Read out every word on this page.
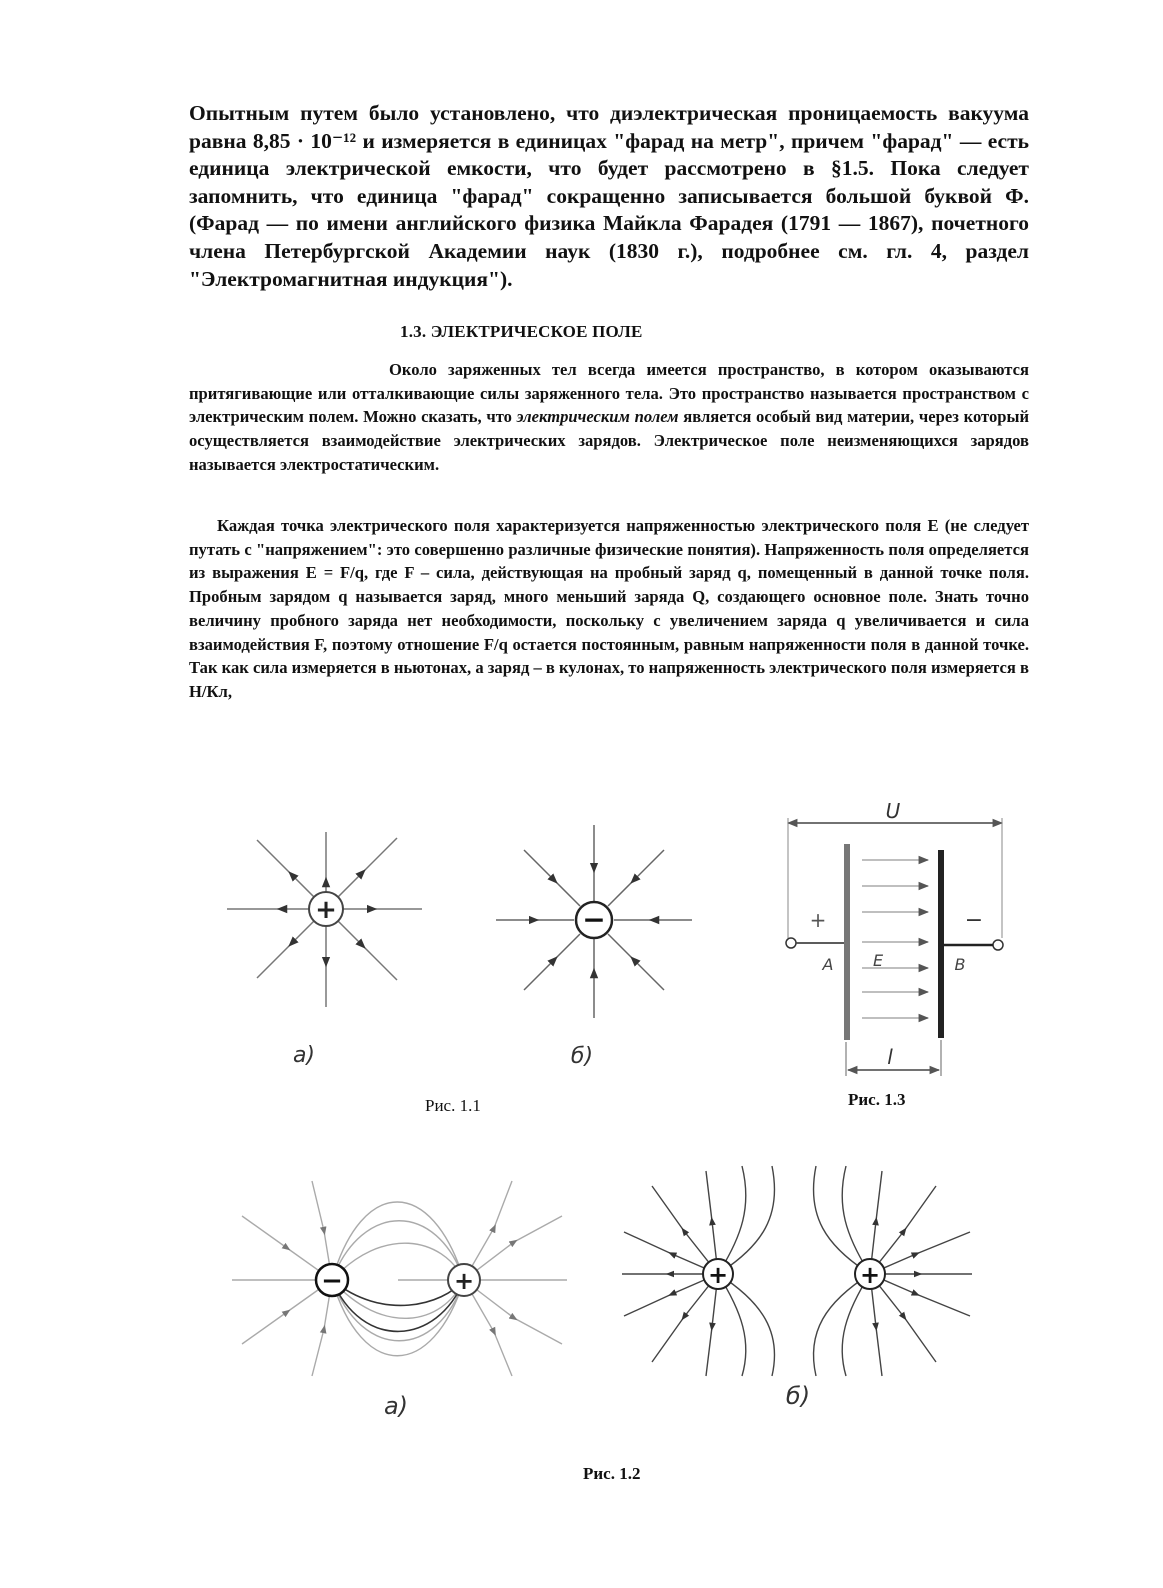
Опытным путем было установлено, что диэлектрическая проницаемость вакуума равна 8,85 · 10⁻¹² и измеряется в единицах "фарад на метр", причем "фарад" — есть единица электрической емкости, что будет рассмотрено в §1.5. Пока следует запомнить, что единица "фарад" сокращенно записывается большой буквой Ф. (Фарад — по имени английского физика Майкла Фарадея (1791 — 1867), почетного члена Петербургской Академии наук (1830 г.), подробнее см. гл. 4, раздел "Электромагнитная индукция").

1.3. ЭЛЕКТРИЧЕСКОЕ ПОЛЕ

Около заряженных тел всегда имеется пространство, в котором оказываются притягивающие или отталкивающие силы заряженного тела. Это пространство называется пространством с электрическим полем. Можно сказать, что электрическим полем является особый вид материи, через который осуществляется взаимодействие электрических зарядов. Электрическое поле неизменяющихся зарядов называется электростатическим.

Каждая точка электрического поля характеризуется напряженностью электрического поля E (не следует путать с "напряжением": это совершенно различные физические понятия). Напряженность поля определяется из выражения E = F/q, где F – сила, действующая на пробный заряд q, помещенный в данной точке поля. Пробным зарядом q называется заряд, много меньший заряда Q, создающего основное поле. Знать точно величину пробного заряда нет необходимости, поскольку с увеличением заряда q увеличивается и сила взаимодействия F, поэтому отношение F/q остается постоянным, равным напряженности поля в данной точке. Так как сила измеряется в ньютонах, а заряд – в кулонах, то напряженность электрического поля измеряется в Н/Кл,

+
а)
−
б)
Рис. 1.1
U
+	−
A E	B
l
Рис. 1.3
−	+
а)
+	+
б)
Рис. 1.2
